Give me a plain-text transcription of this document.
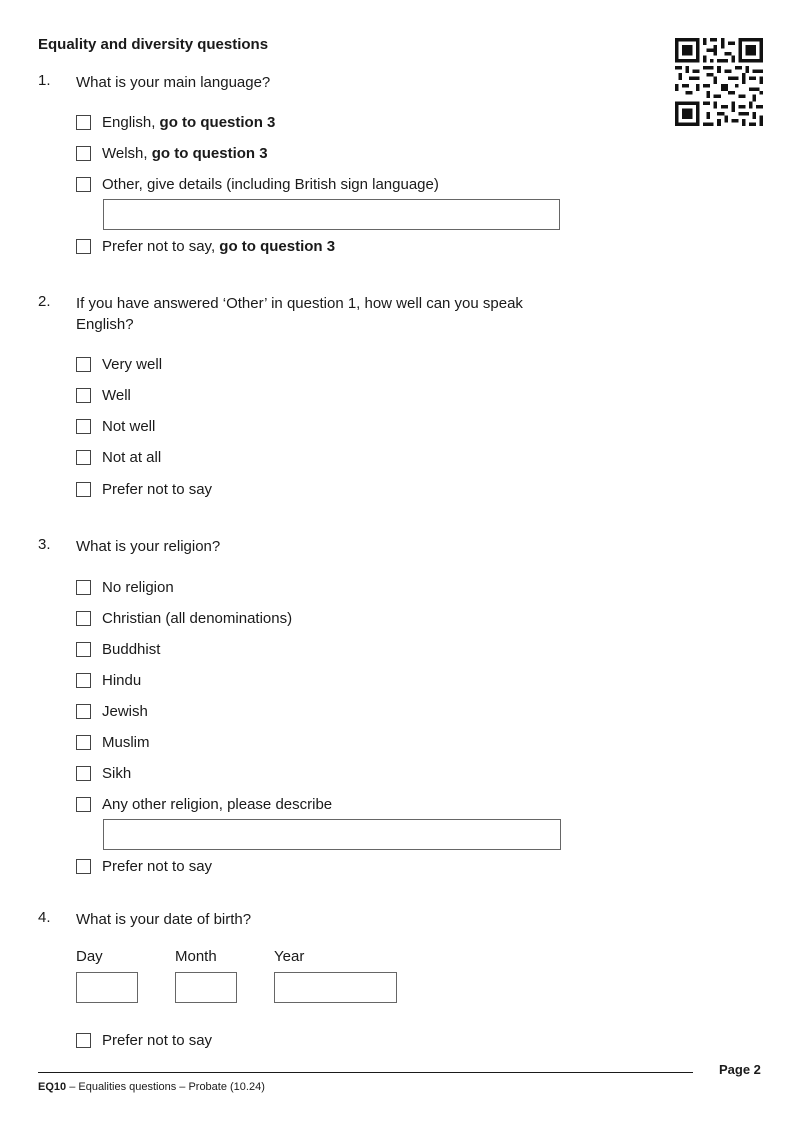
Equality and diversity questions
1. What is your main language?
English, go to question 3
Welsh, go to question 3
Other, give details (including British sign language)
Prefer not to say, go to question 3
2. If you have answered ‘Other’ in question 1, how well can you speak English?
Very well
Well
Not well
Not at all
Prefer not to say
3. What is your religion?
No religion
Christian (all denominations)
Buddhist
Hindu
Jewish
Muslim
Sikh
Any other religion, please describe
Prefer not to say
4. What is your date of birth?
Day	Month	Year
Prefer not to say
Page 2
EQ10 – Equalities questions – Probate (10.24)
